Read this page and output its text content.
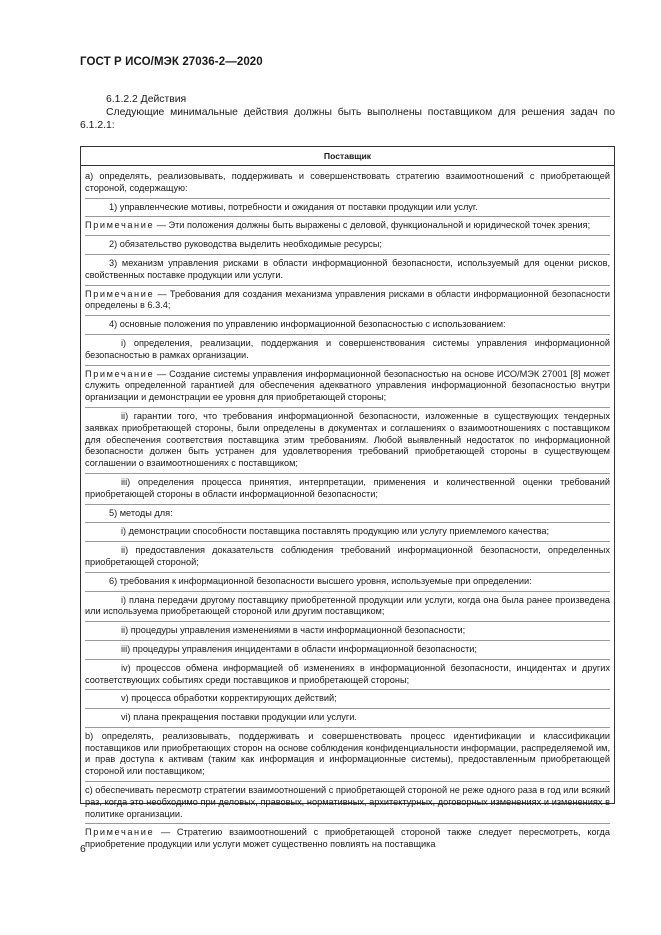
ГОСТ Р ИСО/МЭК 27036-2—2020
6.1.2.2 Действия

Следующие минимальные действия должны быть выполнены поставщиком для решения задач по 6.1.2.1:

Поставщик

а) определять, реализовывать, поддерживать и совершенствовать стратегию взаимоотношений с приобретающей стороной, содержащую:

1) управленческие мотивы, потребности и ожидания от поставки продукции или услуг.

Примечание — Эти положения должны быть выражены с деловой, функциональной и юридической точек зрения;

2) обязательство руководства выделить необходимые ресурсы;

3) механизм управления рисками в области информационной безопасности, используемый для оценки рисков, свойственных поставке продукции или услуги.

Примечание — Требования для создания механизма управления рисками в области информационной безопасности определены в 6.3.4;

4) основные положения по управлению информационной безопасностью с использованием:

i) определения, реализации, поддержания и совершенствования системы управления информационной безопасностью в рамках организации.

Примечание — Создание системы управления информационной безопасностью на основе ИСО/МЭК 27001 [8] может служить определенной гарантией для обеспечения адекватного управления информационной безопасностью внутри организации и демонстрации ее уровня для приобретающей стороны;

ii) гарантии того, что требования информационной безопасности, изложенные в существующих тендерных заявках приобретающей стороны, были определены в документах и соглашениях о взаимоотношениях с поставщиком для обеспечения соответствия поставщика этим требованиям. Любой выявленный недостаток по информационной безопасности должен быть устранен для удовлетворения требований приобретающей стороны в существующем соглашении о взаимоотношениях с поставщиком;

iii) определения процесса принятия, интерпретации, применения и количественной оценки требований приобретающей стороны в области информационной безопасности;

5) методы для:

i) демонстрации способности поставщика поставлять продукцию или услугу приемлемого качества;

ii) предоставления доказательств соблюдения требований информационной безопасности, определенных приобретающей стороной;

6) требования к информационной безопасности высшего уровня, используемые при определении:

i) плана передачи другому поставщику приобретенной продукции или услуги, когда она была ранее произведена или используема приобретающей стороной или другим поставщиком;

ii) процедуры управления изменениями в части информационной безопасности;

iii) процедуры управления инцидентами в области информационной безопасности;

iv) процессов обмена информацией об изменениях в информационной безопасности, инцидентах и других соответствующих событиях среди поставщиков и приобретающей стороны;

v) процесса обработки корректирующих действий;

vi) плана прекращения поставки продукции или услуги.

b) определять, реализовывать, поддерживать и совершенствовать процесс идентификации и классификации поставщиков или приобретающих сторон на основе соблюдения конфиденциальности информации, распределяемой им, и прав доступа к активам (таким как информация и информационные системы), предоставленным приобретающей стороной или поставщиком;

c) обеспечивать пересмотр стратегии взаимоотношений с приобретающей стороной не реже одного раза в год или всякий раз, когда это необходимо при деловых, правовых, нормативных, архитектурных, договорных изменениях и изменениях в политике организации.

Примечание — Стратегию взаимоотношений с приобретающей стороной также следует пересмотреть, когда приобретение продукции или услуги может существенно повлиять на поставщика

6
